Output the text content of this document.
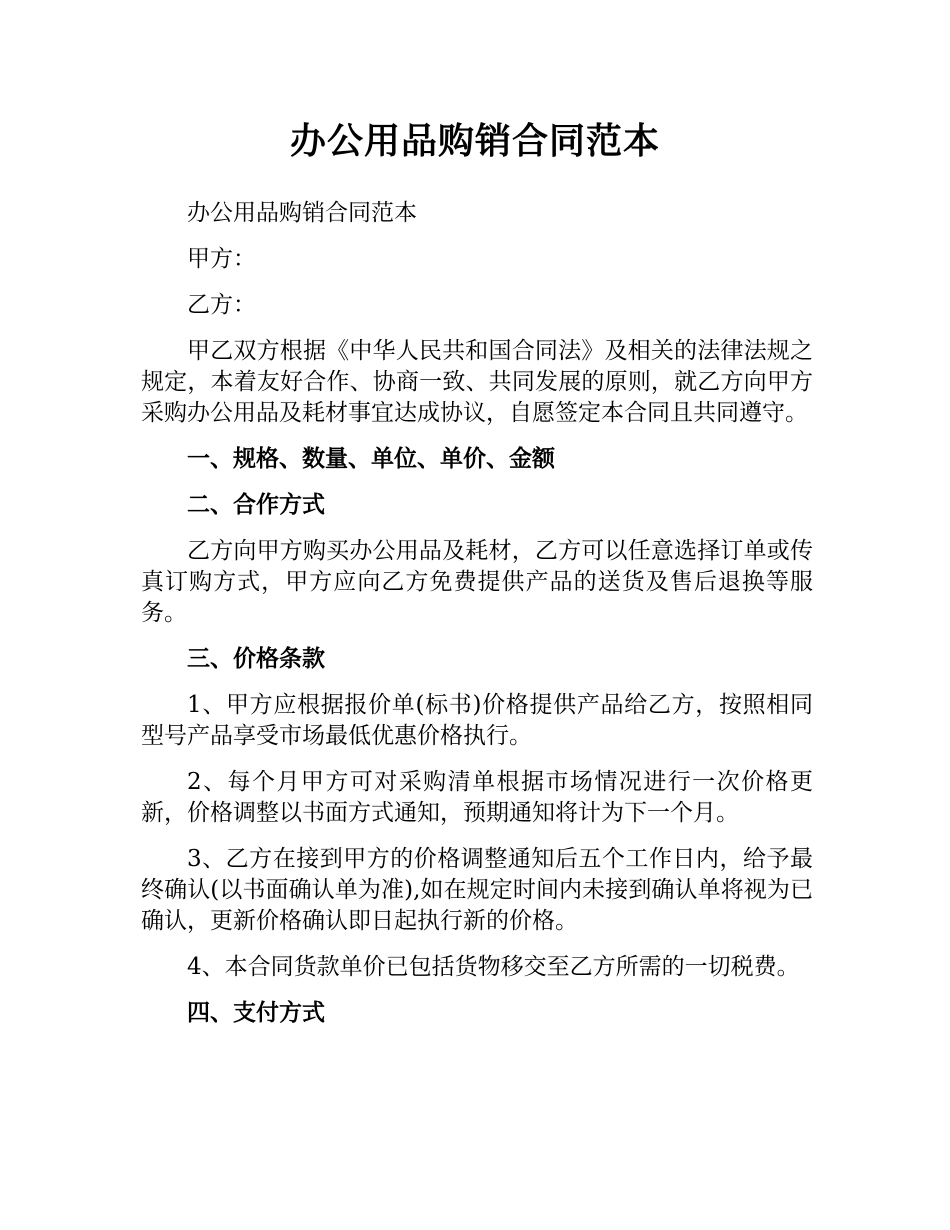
办公用品购销合同范本

办公用品购销合同范本

甲方：

乙方：

甲乙双方根据《中华人民共和国合同法》及相关的法律法规之规定，本着友好合作、协商一致、共同发展的原则，就乙方向甲方采购办公用品及耗材事宜达成协议，自愿签定本合同且共同遵守。

一、规格、数量、单位、单价、金额

二、合作方式

乙方向甲方购买办公用品及耗材，乙方可以任意选择订单或传真订购方式，甲方应向乙方免费提供产品的送货及售后退换等服务。

三、价格条款

1、甲方应根据报价单(标书)价格提供产品给乙方，按照相同型号产品享受市场最低优惠价格执行。

2、每个月甲方可对采购清单根据市场情况进行一次价格更新，价格调整以书面方式通知，预期通知将计为下一个月。

3、乙方在接到甲方的价格调整通知后五个工作日内，给予最终确认(以书面确认单为准),如在规定时间内未接到确认单将视为已确认，更新价格确认即日起执行新的价格。

4、本合同货款单价已包括货物移交至乙方所需的一切税费。

四、支付方式
